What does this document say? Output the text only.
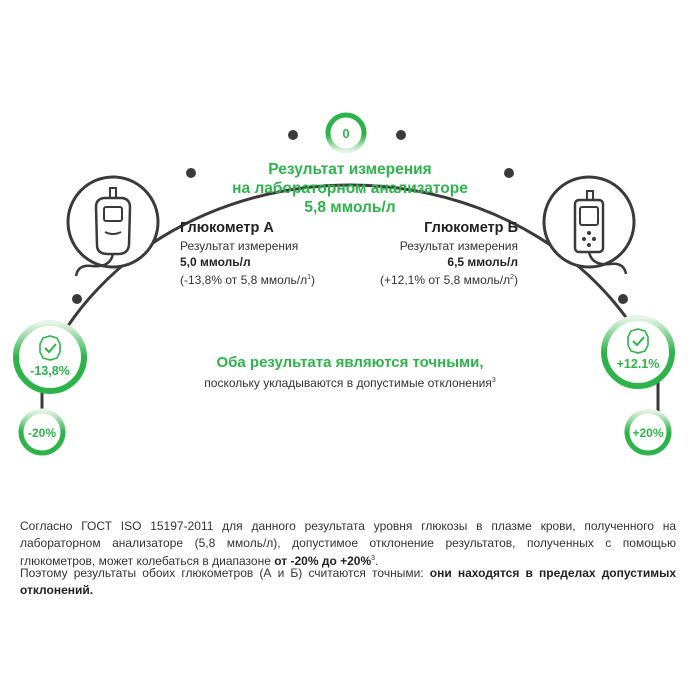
0
-13,8%
-20%
+12.1%
+20%
Результат измерения
на лабораторном анализаторе
5,8 ммоль/л
Глюкометр А
Результат измерения
5,0 ммоль/л
(-13,8% от 5,8 ммоль/$л^1$)
Глюкометр Б
Результат измерения
6,5 ммоль/л
(+12,1% от 5,8 ммоль/$л^2$)
Оба результата являются точными,
поскольку укладываются в допустимые отклонения$^3$
Согласно ГОСТ ISO 15197-2011 для данного результата уровня глюкозы в плазме крови, полученного на лабораторном анализаторе (5,8 ммоль/л), допустимое отклонение результатов, полученных с помощью глюкометров, может колебаться в диапазоне от -20% до +20%$^3$.
Поэтому результаты обоих глюкометров (А и Б) считаются точными: они находятся в пределах допустимых отклонений.
